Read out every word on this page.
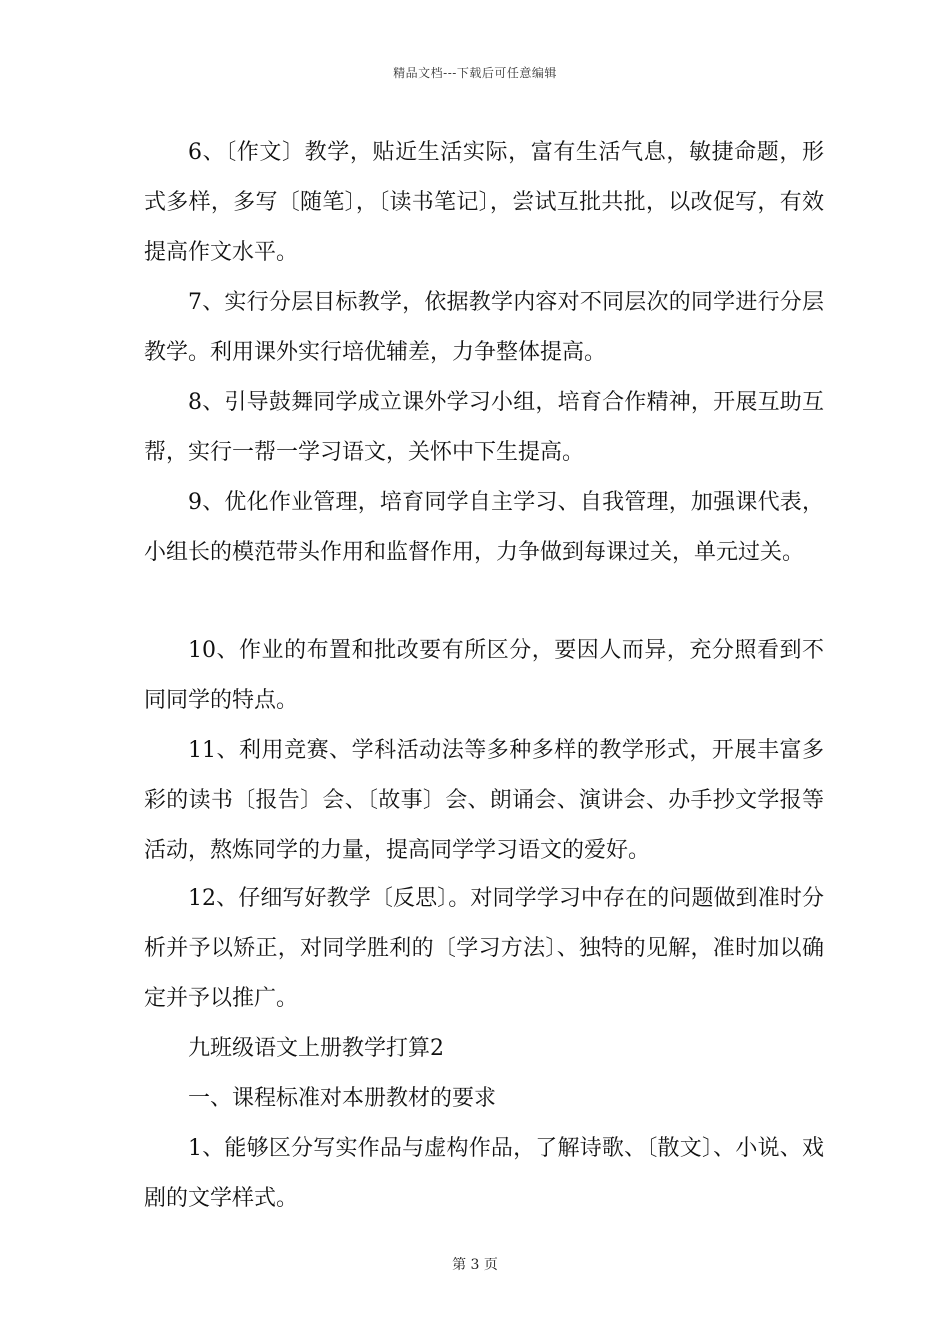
精品文档---下载后可任意编辑
6、〔作文〕教学，贴近生活实际，富有生活气息，敏捷命题，形式多样，多写〔随笔〕，〔读书笔记〕，尝试互批共批，以改促写，有效提高作文水平。
7、实行分层目标教学，依据教学内容对不同层次的同学进行分层教学。利用课外实行培优辅差，力争整体提高。
8、引导鼓舞同学成立课外学习小组，培育合作精神，开展互助互帮，实行一帮一学习语文，关怀中下生提高。
9、优化作业管理，培育同学自主学习、自我管理，加强课代表，小组长的模范带头作用和监督作用，力争做到每课过关，单元过关。
10、作业的布置和批改要有所区分，要因人而异，充分照看到不同同学的特点。
11、利用竞赛、学科活动法等多种多样的教学形式，开展丰富多彩的读书〔报告〕会、〔故事〕会、朗诵会、演讲会、办手抄文学报等活动，熬炼同学的力量，提高同学学习语文的爱好。
12、仔细写好教学〔反思〕。对同学学习中存在的问题做到准时分析并予以矫正，对同学胜利的〔学习方法〕、独特的见解，准时加以确定并予以推广。
九班级语文上册教学打算2
一、课程标准对本册教材的要求
1、能够区分写实作品与虚构作品，了解诗歌、〔散文〕、小说、戏剧的文学样式。
第 3 页
